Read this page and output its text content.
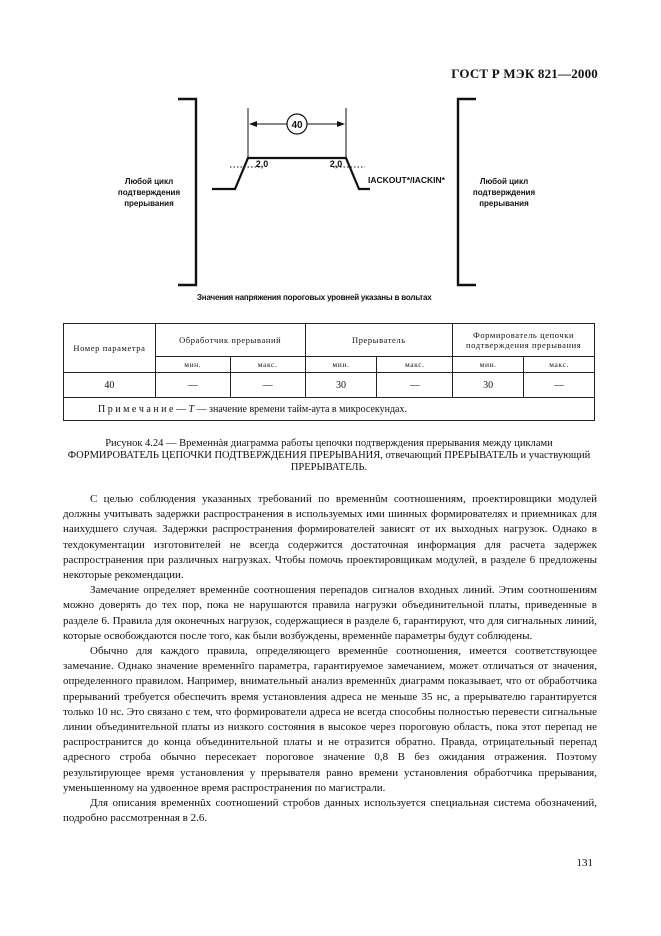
ГОСТ Р МЭК 821—2000
40
2,0	2,0
IACKOUT*/IACKIN*
Любой цикл
подтверждения
прерывания
Любой цикл
подтверждения
прерывания
Значения напряжения пороговых уровней указаны в вольтах
Номер параметра	Обработчик прерываний		Прерыватель		Формирователь цепочки подтверждения прерывания	
	мин.	макс.	мин.	макс.	мин.	макс.
40	—	—	30	—	30	—
П р и м е ч а н и е — T — значение времени тайм-аута в микросекундах.						
Рисунок 4.24 — Временнàя диаграмма работы цепочки подтверждения прерывания между циклами ФОРМИРОВАТЕЛЬ ЦЕПОЧКИ ПОДТВЕРЖДЕНИЯ ПРЕРЫВАНИЯ, отвечающий ПРЕРЫВАТЕЛЬ и участвующий ПРЕРЫВАТЕЛЬ.

С целью соблюдения указанных требований по временнûм соотношениям, проектировщики модулей должны учитывать задержки распространения в используемых ими шинных формирователях и приемниках для наихудшего случая. Задержки распространения формирователей зависят от их выходных нагрузок. Однако в техдокументации изготовителей не всегда содержится достаточная информация для расчета задержек распространения при различных нагрузках. Чтобы помочь проектировщикам модулей, в разделе 6 предложены некоторые рекомендации.

Замечание определяет временнûе соотношения перепадов сигналов входных линий. Этим соотношениям можно доверять до тех пор, пока не нарушаются правила нагрузки объединительной платы, приведенные в разделе 6. Правила для оконечных нагрузок, содержащиеся в разделе 6, гарантируют, что для сигнальных линий, которые освобождаются после того, как были возбуждены, временнûе параметры будут соблюдены.

Обычно для каждого правила, определяющего временнûе соотношения, имеется соответствующее замечание. Однако значение временнîго параметра, гарантируемое замечанием, может отличаться от значения, определенного правилом. Например, внимательный анализ временнûх диаграмм показывает, что от обработчика прерываний требуется обеспечить время установления адреса не меньше 35 нс, а прерывателю гарантируется только 10 нс. Это связано с тем, что формирователи адреса не всегда способны полностью перевести сигнальные линии объединительной платы из низкого состояния в высокое через пороговую область, пока этот перепад не распространится до конца объединительной платы и не отразится обратно. Правда, отрицательный перепад адресного строба обычно пересекает пороговое значение 0,8 В без ожидания отражения. Поэтому результирующее время установления у прерывателя равно времени установления обработчика прерывания, уменьшенному на удвоенное время распространения по магистрали.

Для описания временнûх соотношений стробов данных используется специальная система обозначений, подробно рассмотренная в 2.6.

131
